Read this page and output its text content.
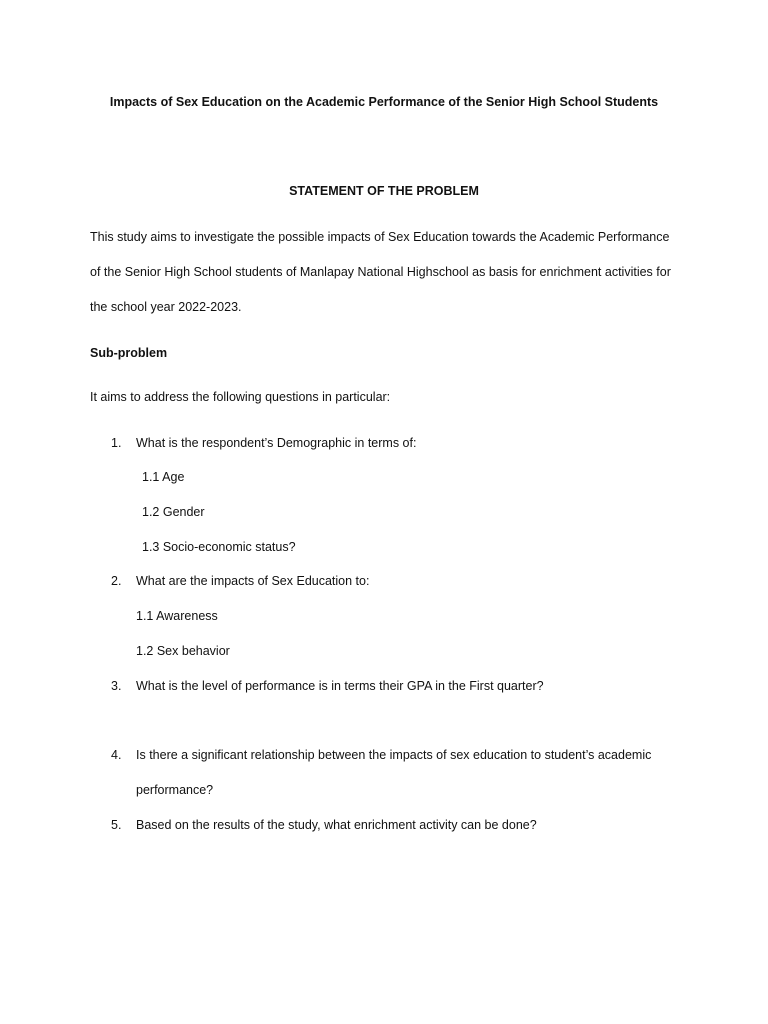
Impacts of Sex Education on the Academic Performance of the Senior High School Students
STATEMENT OF THE PROBLEM
This study aims to investigate the possible impacts of Sex Education towards the Academic Performance
of the Senior High School students of Manlapay National Highschool as basis for enrichment activities for
the school year 2022-2023.
Sub-problem
It aims to address the following questions in particular:
1. What is the respondent’s Demographic in terms of:
1.1 Age
1.2 Gender
1.3 Socio-economic status?
2. What are the impacts of Sex Education to:
1.1 Awareness
1.2 Sex behavior
3. What is the level of performance is in terms their GPA in the First quarter?
4. Is there a significant relationship between the impacts of sex education to student’s academic
performance?
5. Based on the results of the study, what enrichment activity can be done?
